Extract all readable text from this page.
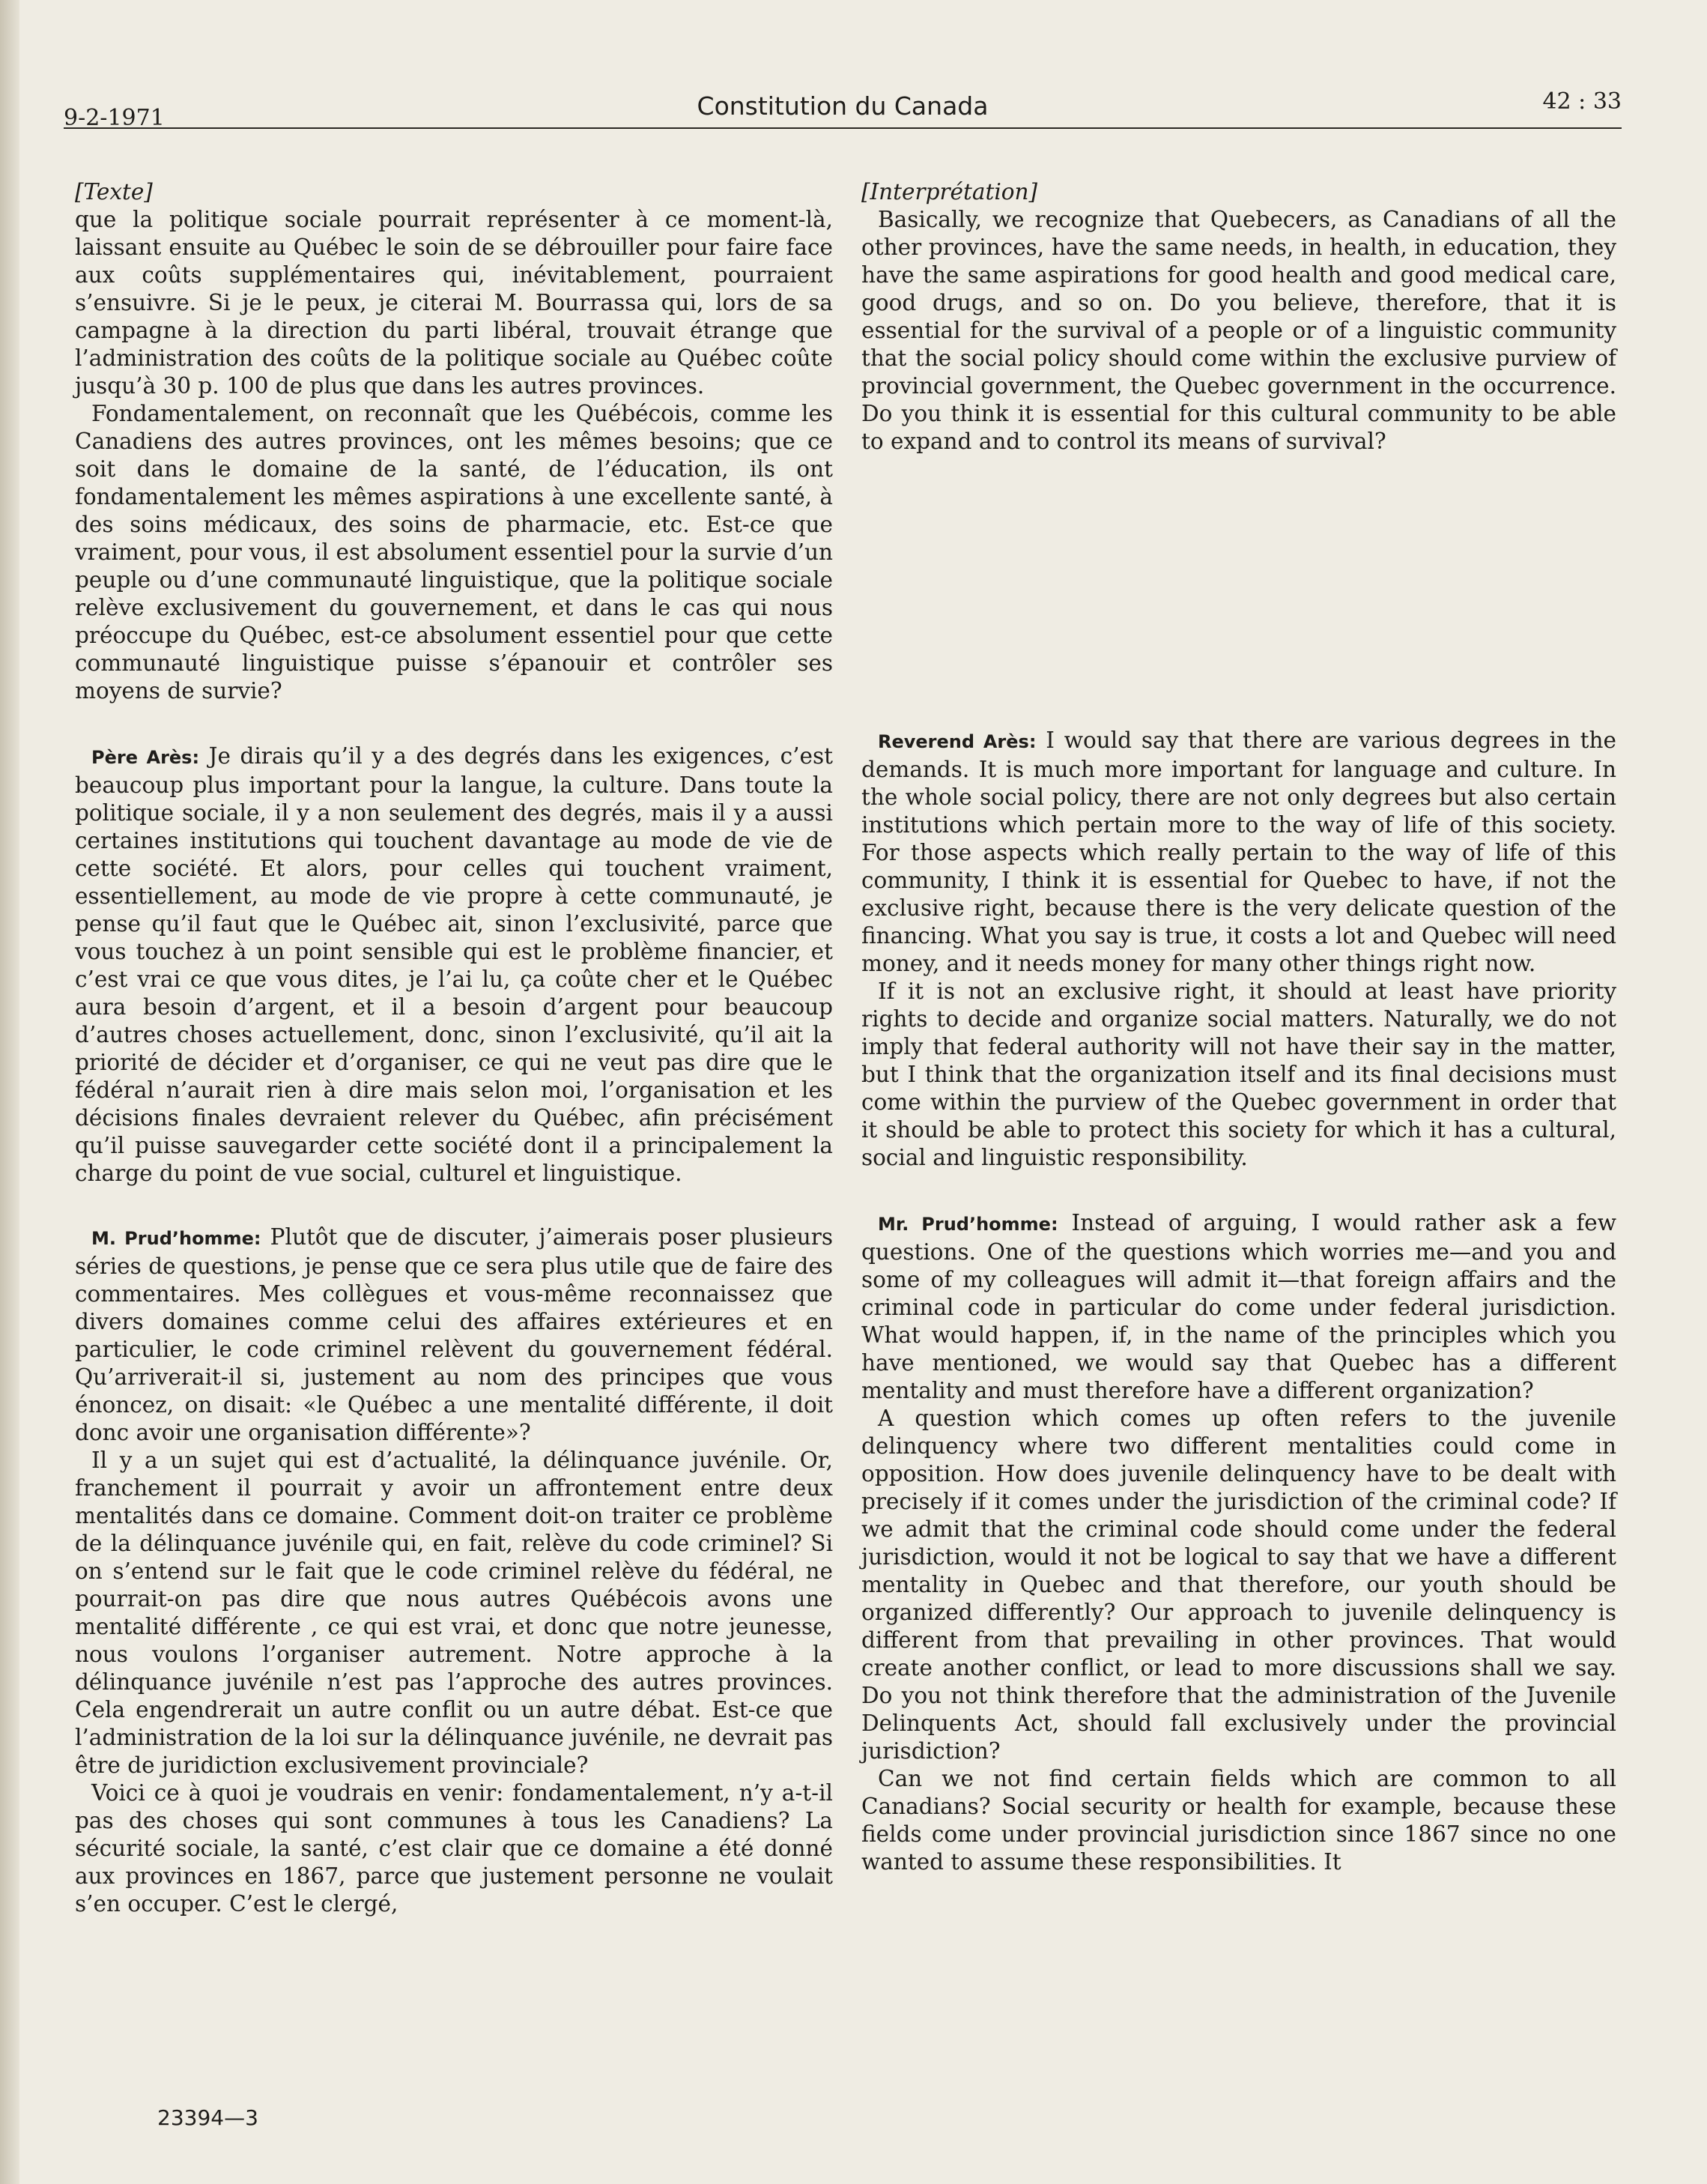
9-2-1971	Constitution du Canada	42 : 33

[Texte]

que la politique sociale pourrait représenter à ce moment-là, laissant ensuite au Québec le soin de se débrouiller pour faire face aux coûts supplémentaires qui, inévitablement, pourraient s’ensuivre. Si je le peux, je citerai M. Bourrassa qui, lors de sa campagne à la direction du parti libéral, trouvait étrange que l’administration des coûts de la politique sociale au Québec coûte jusqu’à 30 p. 100 de plus que dans les autres provinces.

Fondamentalement, on reconnaît que les Québécois, comme les Canadiens des autres provinces, ont les mêmes besoins; que ce soit dans le domaine de la santé, de l’éducation, ils ont fondamentalement les mêmes aspirations à une excellente santé, à des soins médicaux, des soins de pharmacie, etc. Est-ce que vraiment, pour vous, il est absolument essentiel pour la survie d’un peuple ou d’une communauté linguistique, que la politique sociale relève exclusivement du gouvernement, et dans le cas qui nous préoccupe du Québec, est-ce absolument essentiel pour que cette communauté linguistique puisse s’épanouir et contrôler ses moyens de survie?

Père Arès: Je dirais qu’il y a des degrés dans les exigences, c’est beaucoup plus important pour la langue, la culture. Dans toute la politique sociale, il y a non seulement des degrés, mais il y a aussi certaines institutions qui touchent davantage au mode de vie de cette société. Et alors, pour celles qui touchent vraiment, essentiellement, au mode de vie propre à cette communauté, je pense qu’il faut que le Québec ait, sinon l’exclusivité, parce que vous touchez à un point sensible qui est le problème financier, et c’est vrai ce que vous dites, je l’ai lu, ça coûte cher et le Québec aura besoin d’argent, et il a besoin d’argent pour beaucoup d’autres choses actuellement, donc, sinon l’exclusivité, qu’il ait la priorité de décider et d’organiser, ce qui ne veut pas dire que le fédéral n’aurait rien à dire mais selon moi, l’organisation et les décisions finales devraient relever du Québec, afin précisément qu’il puisse sauvegarder cette société dont il a principalement la charge du point de vue social, culturel et linguistique.

M. Prud’homme: Plutôt que de discuter, j’aimerais poser plusieurs séries de questions, je pense que ce sera plus utile que de faire des commentaires. Mes collègues et vous-même reconnaissez que divers domaines comme celui des affaires extérieures et en particulier, le code criminel relèvent du gouvernement fédéral. Qu’arriverait-il si, justement au nom des principes que vous énoncez, on disait: «le Québec a une mentalité différente, il doit donc avoir une organisation différente»?

Il y a un sujet qui est d’actualité, la délinquance juvénile. Or, franchement il pourrait y avoir un affrontement entre deux mentalités dans ce domaine. Comment doit-on traiter ce problème de la délinquance juvénile qui, en fait, relève du code criminel? Si on s’entend sur le fait que le code criminel relève du fédéral, ne pourrait-on pas dire que nous autres Québécois avons une mentalité différente , ce qui est vrai, et donc que notre jeunesse, nous voulons l’organiser autrement. Notre approche à la délinquance juvénile n’est pas l’approche des autres provinces. Cela engendrerait un autre conflit ou un autre débat. Est-ce que l’administration de la loi sur la délinquance juvénile, ne devrait pas être de juridiction exclusivement provinciale?

Voici ce à quoi je voudrais en venir: fondamentalement, n’y a-t-il pas des choses qui sont communes à tous les Canadiens? La sécurité sociale, la santé, c’est clair que ce domaine a été donné aux provinces en 1867, parce que justement personne ne voulait s’en occuper. C’est le clergé,

[Interprétation]

Basically, we recognize that Quebecers, as Canadians of all the other provinces, have the same needs, in health, in education, they have the same aspirations for good health and good medical care, good drugs, and so on. Do you believe, therefore, that it is essential for the survival of a people or of a linguistic community that the social policy should come within the exclusive purview of provincial government, the Quebec government in the occurrence. Do you think it is essential for this cultural community to be able to expand and to control its means of survival?

Reverend Arès: I would say that there are various degrees in the demands. It is much more important for language and culture. In the whole social policy, there are not only degrees but also certain institutions which pertain more to the way of life of this society. For those aspects which really pertain to the way of life of this community, I think it is essential for Quebec to have, if not the exclusive right, because there is the very delicate question of the financing. What you say is true, it costs a lot and Quebec will need money, and it needs money for many other things right now.

If it is not an exclusive right, it should at least have priority rights to decide and organize social matters. Naturally, we do not imply that federal authority will not have their say in the matter, but I think that the organization itself and its final decisions must come within the purview of the Quebec government in order that it should be able to protect this society for which it has a cultural, social and linguistic responsibility.

Mr. Prud’homme: Instead of arguing, I would rather ask a few questions. One of the questions which worries me—and you and some of my colleagues will admit it—that foreign affairs and the criminal code in particular do come under federal jurisdiction. What would happen, if, in the name of the principles which you have mentioned, we would say that Quebec has a different mentality and must therefore have a different organization?

A question which comes up often refers to the juvenile delinquency where two different mentalities could come in opposition. How does juvenile delinquency have to be dealt with precisely if it comes under the jurisdiction of the criminal code? If we admit that the criminal code should come under the federal jurisdiction, would it not be logical to say that we have a different mentality in Quebec and that therefore, our youth should be organized differently? Our approach to juvenile delinquency is different from that prevailing in other provinces. That would create another conflict, or lead to more discussions shall we say. Do you not think therefore that the administration of the Juvenile Delinquents Act, should fall exclusively under the provincial jurisdiction?

Can we not find certain fields which are common to all Canadians? Social security or health for example, because these fields come under provincial jurisdiction since 1867 since no one wanted to assume these responsibilities. It

23394—3
